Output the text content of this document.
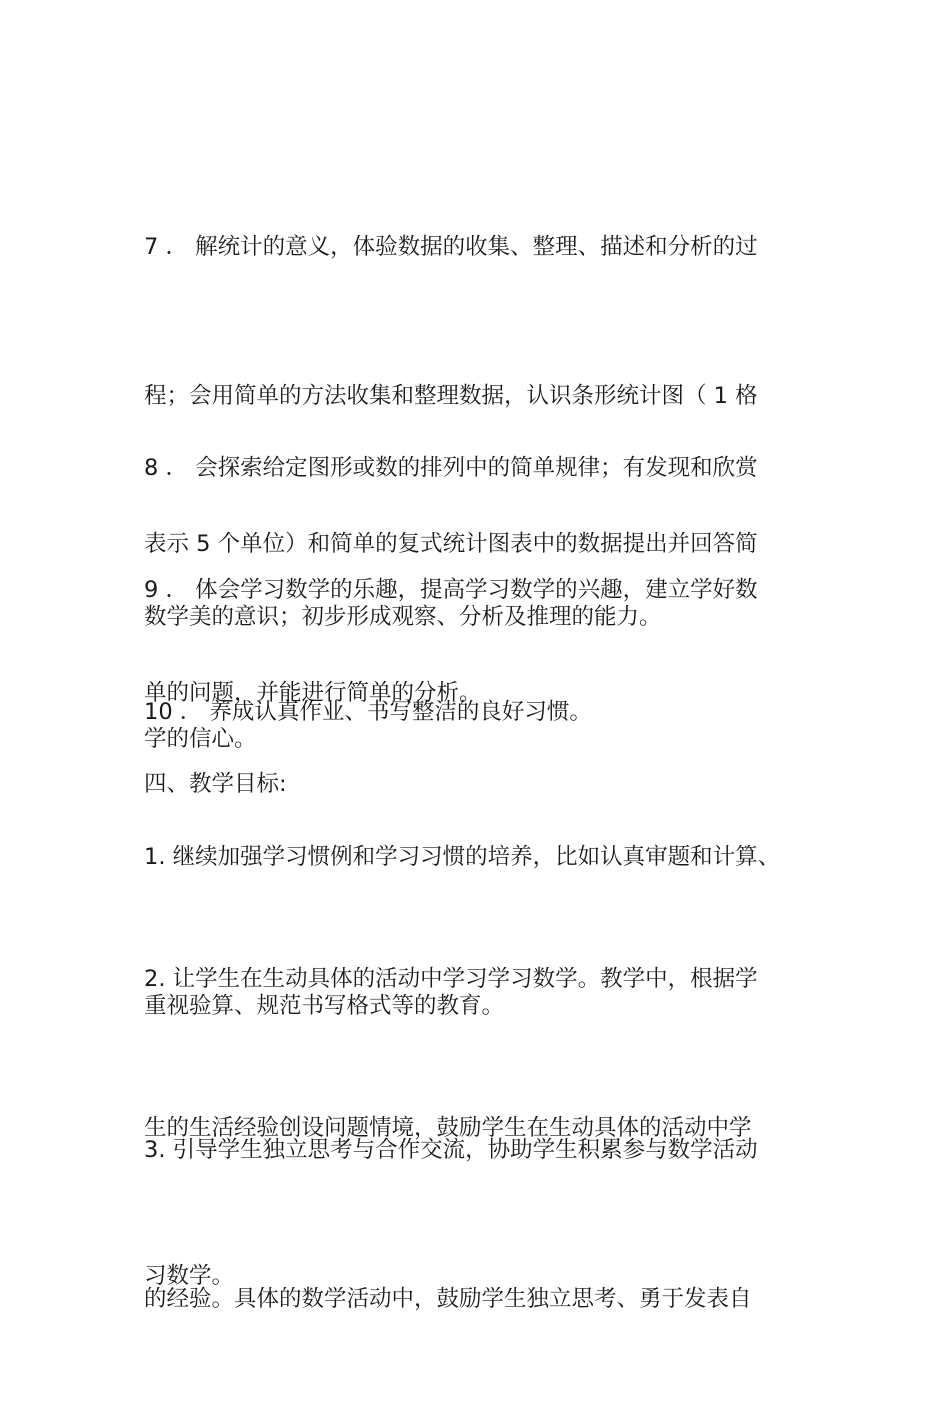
7 ． 解统计的意义，体验数据的收集、整理、描述和分析的过

程；会用简单的方法收集和整理数据，认识条形统计图（ 1 格

表示 5 个单位）和简单的复式统计图表中的数据提出并回答简

单的问题，并能进行简单的分析。

8 ． 会探索给定图形或数的排列中的简单规律；有发现和欣赏

数学美的意识；初步形成观察、分析及推理的能力。

9 ． 体会学习数学的乐趣，提高学习数学的兴趣，建立学好数

学的信心。

10 ． 养成认真作业、书写整洁的良好习惯。

四、教学目标:

1. 继续加强学习惯例和学习习惯的培养，比如认真审题和计算、

重视验算、规范书写格式等的教育。

2. 让学生在生动具体的活动中学习学习数学。教学中，根据学

生的生活经验创设问题情境，鼓励学生在生动具体的活动中学

习数学。

3. 引导学生独立思考与合作交流，协助学生积累参与数学活动

的经验。具体的数学活动中，鼓励学生独立思考、勇于发表自
